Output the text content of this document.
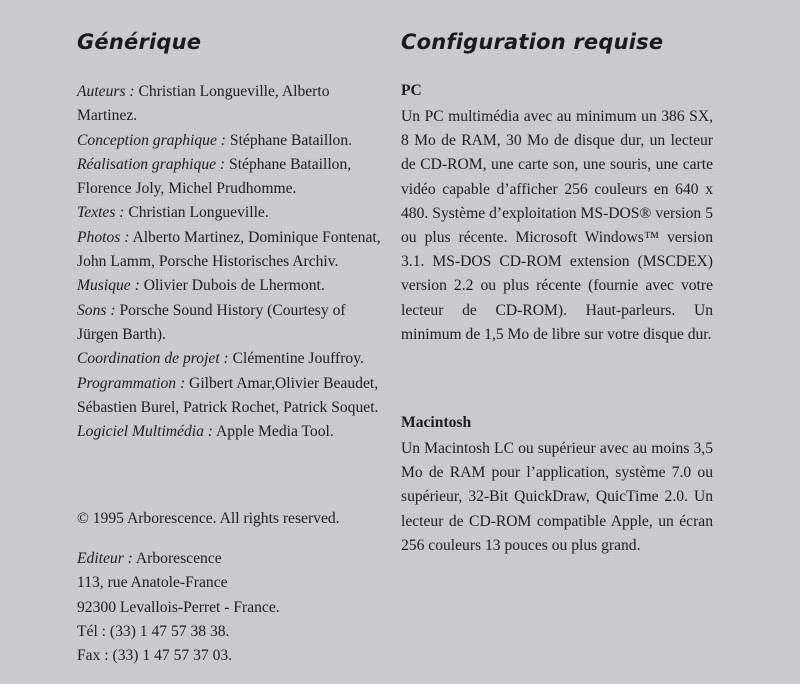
Générique
Auteurs : Christian Longueville, Alberto Martinez.
Conception graphique : Stéphane Bataillon.
Réalisation graphique : Stéphane Bataillon, Florence Joly, Michel Prudhomme.
Textes : Christian Longueville.
Photos : Alberto Martinez, Dominique Fontenat, John Lamm, Porsche Historisches Archiv.
Musique : Olivier Dubois de Lhermont.
Sons : Porsche Sound History (Courtesy of Jürgen Barth).
Coordination de projet : Clémentine Jouffroy.
Programmation : Gilbert Amar,Olivier Beaudet, Sébastien Burel, Patrick Rochet, Patrick Soquet.
Logiciel Multimédia : Apple Media Tool.
© 1995 Arborescence. All rights reserved.
Editeur : Arborescence
113, rue Anatole-France
92300 Levallois-Perret - France.
Tél : (33) 1 47 57 38 38.
Fax : (33) 1 47 57 37 03.
Configuration requise
PC

Un PC multimédia avec au minimum un 386 SX, 8 Mo de RAM, 30 Mo de disque dur, un lecteur de CD-ROM, une carte son, une souris, une carte vidéo capable d’afficher 256 couleurs en 640 x 480. Système d’exploitation MS-DOS® version 5 ou plus récente. Microsoft Windows™ version 3.1. MS-DOS CD-ROM extension (MSCDEX) version 2.2 ou plus récente (fournie avec votre lecteur de CD-ROM). Haut-parleurs. Un minimum de 1,5 Mo de libre sur votre disque dur.

Macintosh

Un Macintosh LC ou supérieur avec au moins 3,5 Mo de RAM pour l’application, système 7.0 ou supérieur, 32-Bit QuickDraw, QuicTime 2.0. Un lecteur de CD-ROM compatible Apple, un écran 256 couleurs 13 pouces ou plus grand.
